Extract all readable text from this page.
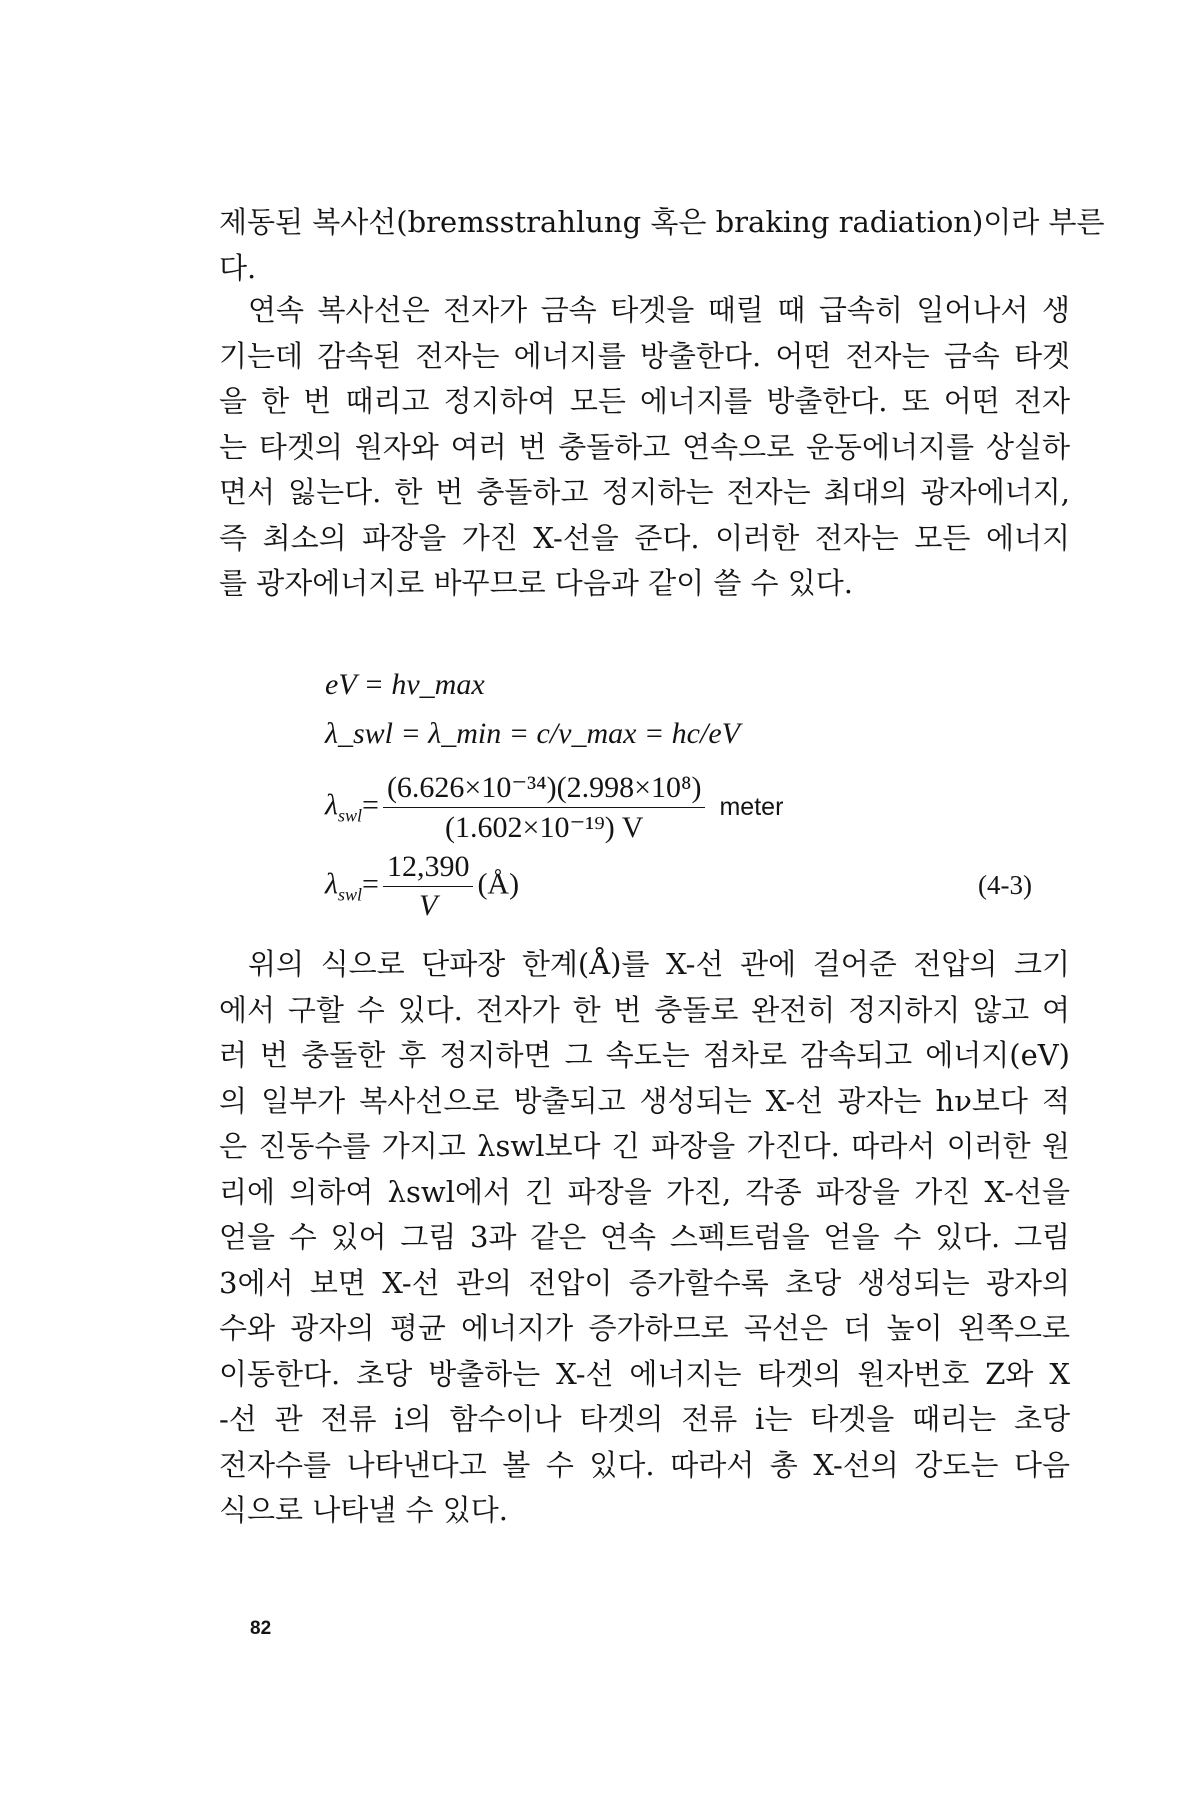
제동된 복사선(bremsstrahlung 혹은 braking radiation)이라 부른
다.
연속 복사선은 전자가 금속 타겟을 때릴 때 급속히 일어나서 생
기는데 감속된 전자는 에너지를 방출한다. 어떤 전자는 금속 타겟
을 한 번 때리고 정지하여 모든 에너지를 방출한다. 또 어떤 전자
는 타겟의 원자와 여러 번 충돌하고 연속으로 운동에너지를 상실하
면서 잃는다. 한 번 충돌하고 정지하는 전자는 최대의 광자에너지,
즉 최소의 파장을 가진 X-선을 준다. 이러한 전자는 모든 에너지
를 광자에너지로 바꾸므로 다음과 같이 쓸 수 있다.
eV = hν_max
λ_swl = λ_min = c/ν_max = hc/eV
$\lambda_{swl}= \frac{\text{(6.626×10⁻³⁴)(2.998×10⁸)}}{\text{(1.602×10⁻¹⁹) V}}$ meter
$\lambda_{swl}= \frac{12,390}{V}$ (Å)	(4-3)
위의 식으로 단파장 한계(Å)를 X-선 관에 걸어준 전압의 크기
에서 구할 수 있다. 전자가 한 번 충돌로 완전히 정지하지 않고 여
러 번 충돌한 후 정지하면 그 속도는 점차로 감속되고 에너지(eV)
의 일부가 복사선으로 방출되고 생성되는 X-선 광자는 hν보다 적
은 진동수를 가지고 λswl보다 긴 파장을 가진다. 따라서 이러한 원
리에 의하여 λswl에서 긴 파장을 가진, 각종 파장을 가진 X-선을
얻을 수 있어 그림 3과 같은 연속 스펙트럼을 얻을 수 있다. 그림
3에서 보면 X-선 관의 전압이 증가할수록 초당 생성되는 광자의
수와 광자의 평균 에너지가 증가하므로 곡선은 더 높이 왼쪽으로
이동한다. 초당 방출하는 X-선 에너지는 타겟의 원자번호 Z와 X
-선 관 전류 i의 함수이나 타겟의 전류 i는 타겟을 때리는 초당
전자수를 나타낸다고 볼 수 있다. 따라서 총 X-선의 강도는 다음
식으로 나타낼 수 있다.
82
